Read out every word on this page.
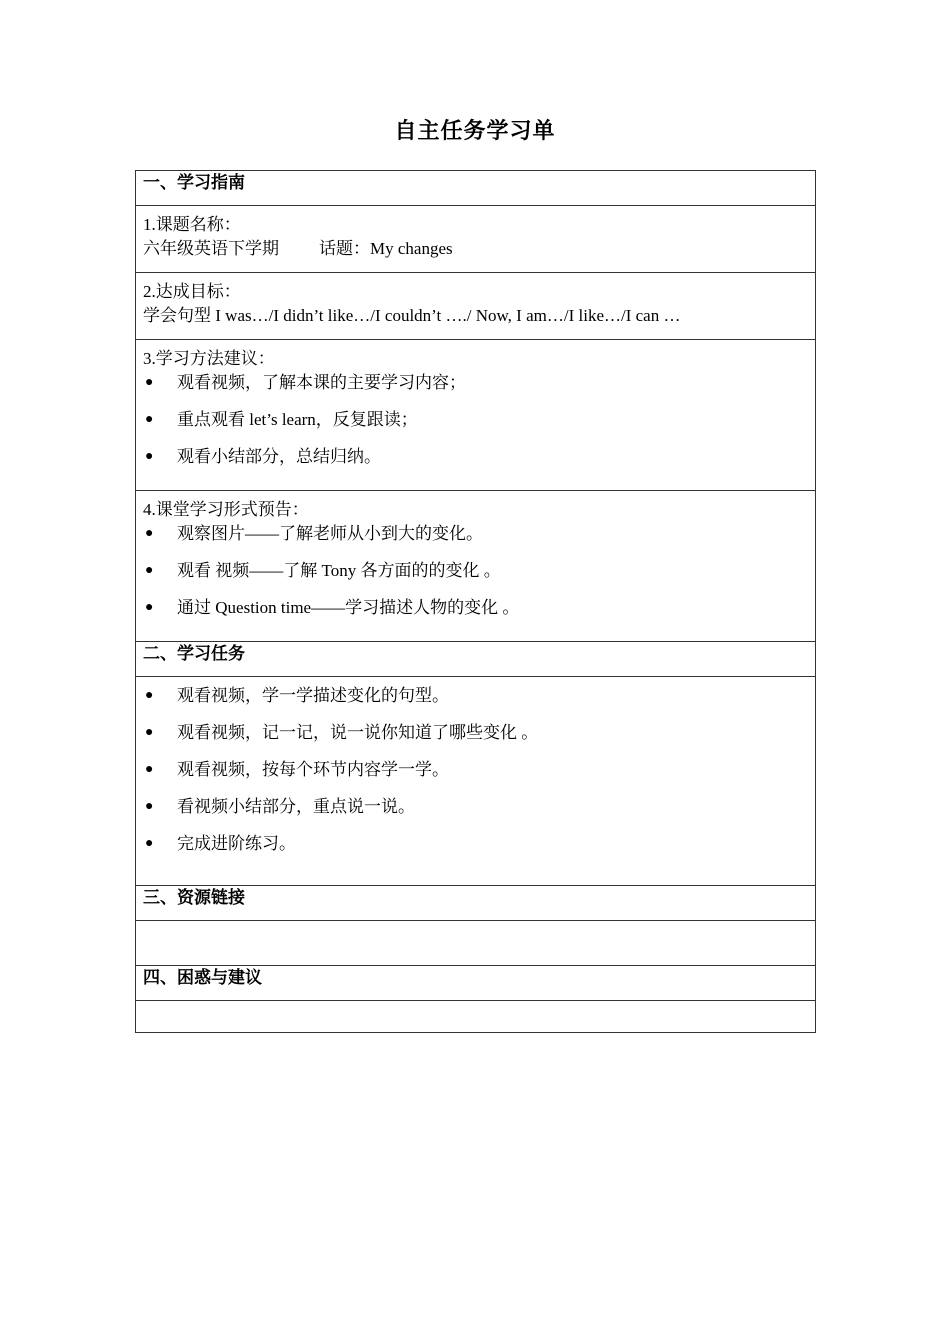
自主任务学习单
一、学习指南

1.课题名称：
六年级英语下学期 话题：My changes

2.达成目标：
学会句型 I was…/I didn’t like…/I couldn’t …./ Now, I am…/I like…/I can …

3.学习方法建议：
● 观看视频，了解本课的主要学习内容；
● 重点观看 let’s learn，反复跟读；
● 观看小结部分，总结归纳。

4.课堂学习形式预告：
● 观察图片——了解老师从小到大的变化。
● 观看 视频——了解 Tony 各方面的的变化 。
● 通过 Question time——学习描述人物的变化 。

二、学习任务

● 观看视频，学一学描述变化的句型。
● 观看视频，记一记，说一说你知道了哪些变化 。
● 观看视频，按每个环节内容学一学。
● 看视频小结部分，重点说一说。
● 完成进阶练习。

三、资源链接

四、困惑与建议
